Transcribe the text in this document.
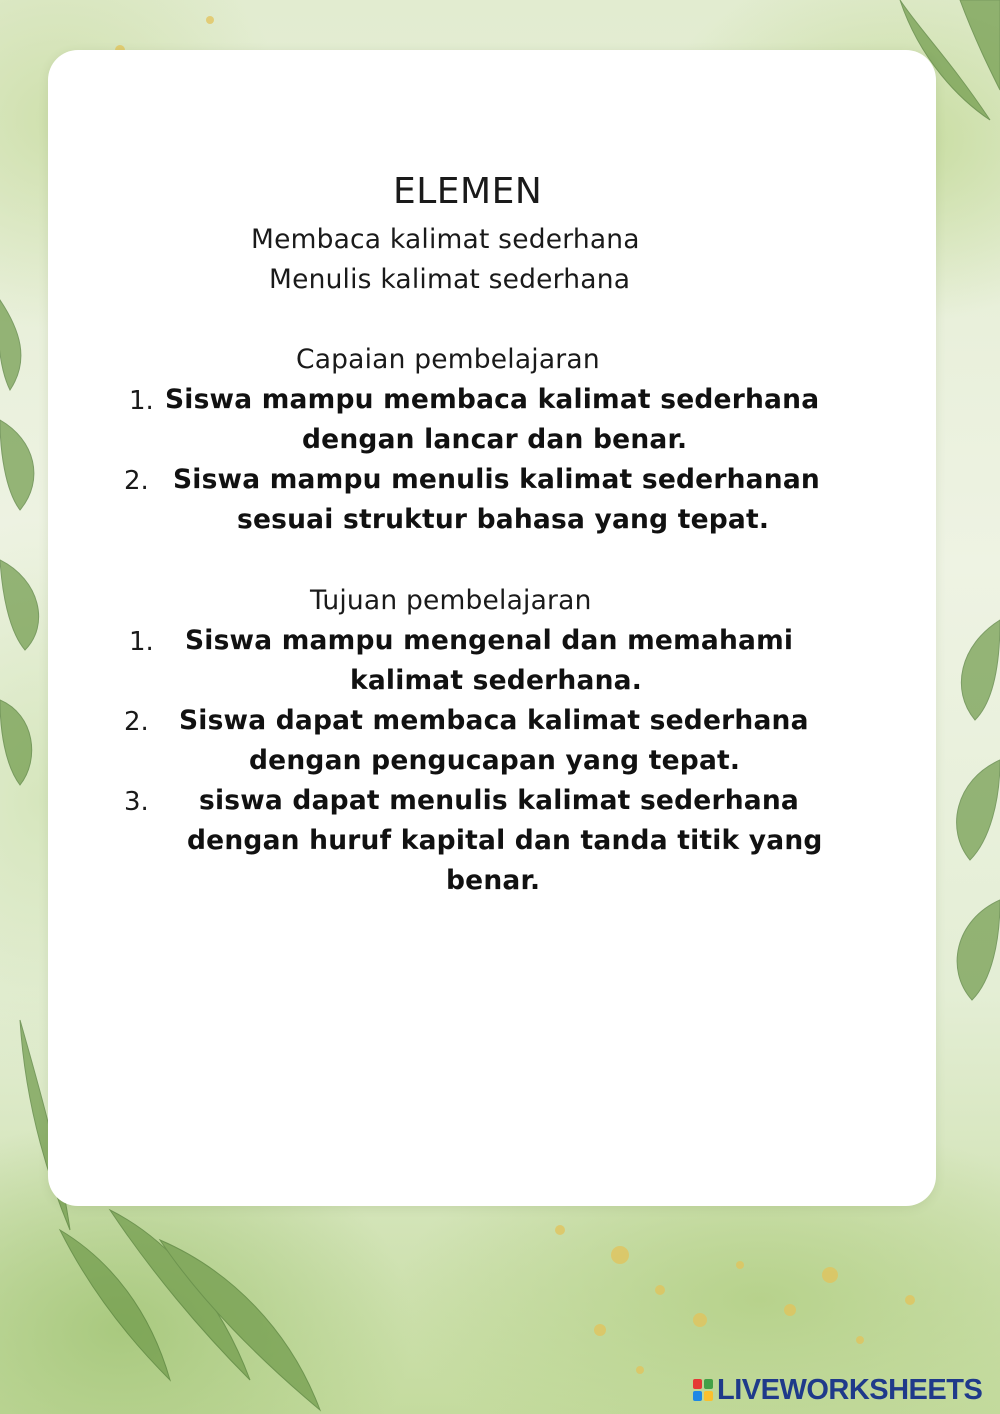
ELEMEN
Membaca kalimat sederhana
Menulis kalimat sederhana
Capaian pembelajaran
1. Siswa mampu membaca kalimat sederhana
dengan lancar dan benar.
2. Siswa mampu menulis kalimat sederhanan
sesuai struktur bahasa yang tepat.
Tujuan pembelajaran
1. Siswa mampu mengenal dan memahami
kalimat sederhana.
2. Siswa dapat membaca kalimat sederhana
dengan pengucapan yang tepat.
3. siswa dapat menulis kalimat sederhana
dengan huruf kapital dan tanda titik yang
benar.
LIVEWORKSHEETS
